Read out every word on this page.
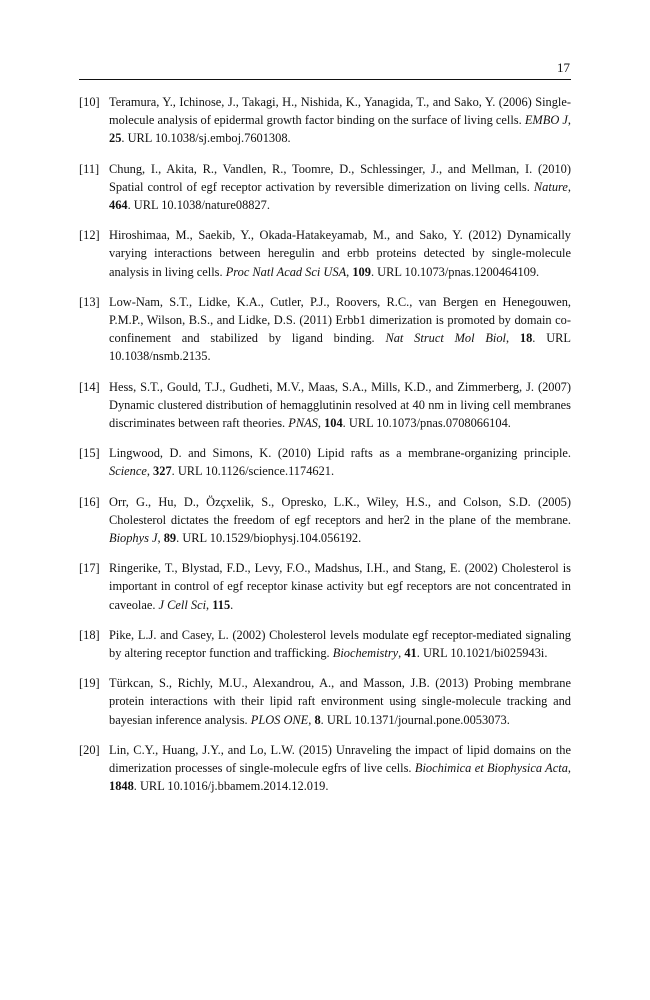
17
[10] Teramura, Y., Ichinose, J., Takagi, H., Nishida, K., Yanagida, T., and Sako, Y. (2006) Single-molecule analysis of epidermal growth factor binding on the surface of living cells. EMBO J, 25. URL 10.1038/sj.emboj.7601308.
[11] Chung, I., Akita, R., Vandlen, R., Toomre, D., Schlessinger, J., and Mellman, I. (2010) Spatial control of egf receptor activation by reversible dimerization on living cells. Nature, 464. URL 10.1038/nature08827.
[12] Hiroshimaa, M., Saekib, Y., Okada-Hatakeyamab, M., and Sako, Y. (2012) Dynamically varying interactions between heregulin and erbb proteins detected by single-molecule analysis in living cells. Proc Natl Acad Sci USA, 109. URL 10.1073/pnas.1200464109.
[13] Low-Nam, S.T., Lidke, K.A., Cutler, P.J., Roovers, R.C., van Bergen en Henegouwen, P.M.P., Wilson, B.S., and Lidke, D.S. (2011) Erbb1 dimerization is promoted by domain co-confinement and stabilized by ligand binding. Nat Struct Mol Biol, 18. URL 10.1038/nsmb.2135.
[14] Hess, S.T., Gould, T.J., Gudheti, M.V., Maas, S.A., Mills, K.D., and Zimmerberg, J. (2007) Dynamic clustered distribution of hemagglutinin resolved at 40 nm in living cell membranes discriminates between raft theories. PNAS, 104. URL 10.1073/pnas.0708066104.
[15] Lingwood, D. and Simons, K. (2010) Lipid rafts as a membrane-organizing principle. Science, 327. URL 10.1126/science.1174621.
[16] Orr, G., Hu, D., Özçxelik, S., Opresko, L.K., Wiley, H.S., and Colson, S.D. (2005) Cholesterol dictates the freedom of egf receptors and her2 in the plane of the membrane. Biophys J, 89. URL 10.1529/biophysj.104.056192.
[17] Ringerike, T., Blystad, F.D., Levy, F.O., Madshus, I.H., and Stang, E. (2002) Cholesterol is important in control of egf receptor kinase activity but egf receptors are not concentrated in caveolae. J Cell Sci, 115.
[18] Pike, L.J. and Casey, L. (2002) Cholesterol levels modulate egf receptor-mediated signaling by altering receptor function and trafficking. Biochemistry, 41. URL 10.1021/bi025943i.
[19] Türkcan, S., Richly, M.U., Alexandrou, A., and Masson, J.B. (2013) Probing membrane protein interactions with their lipid raft environment using single-molecule tracking and bayesian inference analysis. PLOS ONE, 8. URL 10.1371/journal.pone.0053073.
[20] Lin, C.Y., Huang, J.Y., and Lo, L.W. (2015) Unraveling the impact of lipid domains on the dimerization processes of single-molecule egfrs of live cells. Biochimica et Biophysica Acta, 1848. URL 10.1016/j.bbamem.2014.12.019.
